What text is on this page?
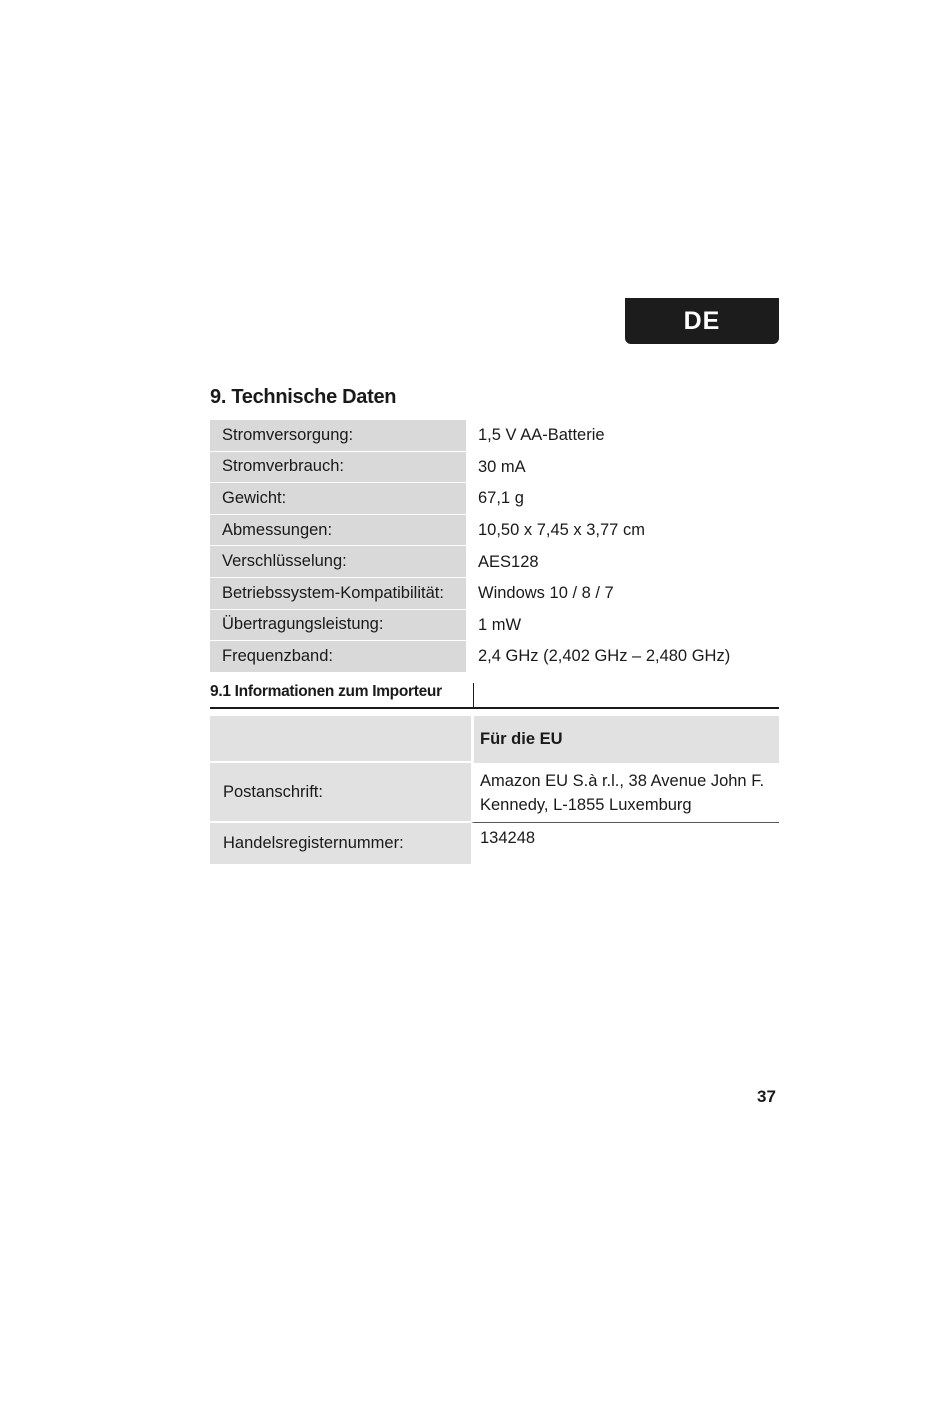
DE
9. Technische Daten
Stromversorgung:	1,5 V AA-Batterie
Stromverbrauch:	30 mA
Gewicht:	67,1 g
Abmessungen:	10,50 x 7,45 x 3,77 cm
Verschlüsselung:	AES128
Betriebssystem-Kompatibilität:	Windows 10 / 8 / 7
Übertragungsleistung:	1 mW
Frequenzband:	2,4 GHz (2,402 GHz – 2,480 GHz)
9.1 Informationen zum Importeur
	Für die EU
Postanschrift:	Amazon EU S.à r.l., 38 Avenue John F.
Kennedy, L-1855 Luxemburg

Handelsregisternummer:	134248
37
